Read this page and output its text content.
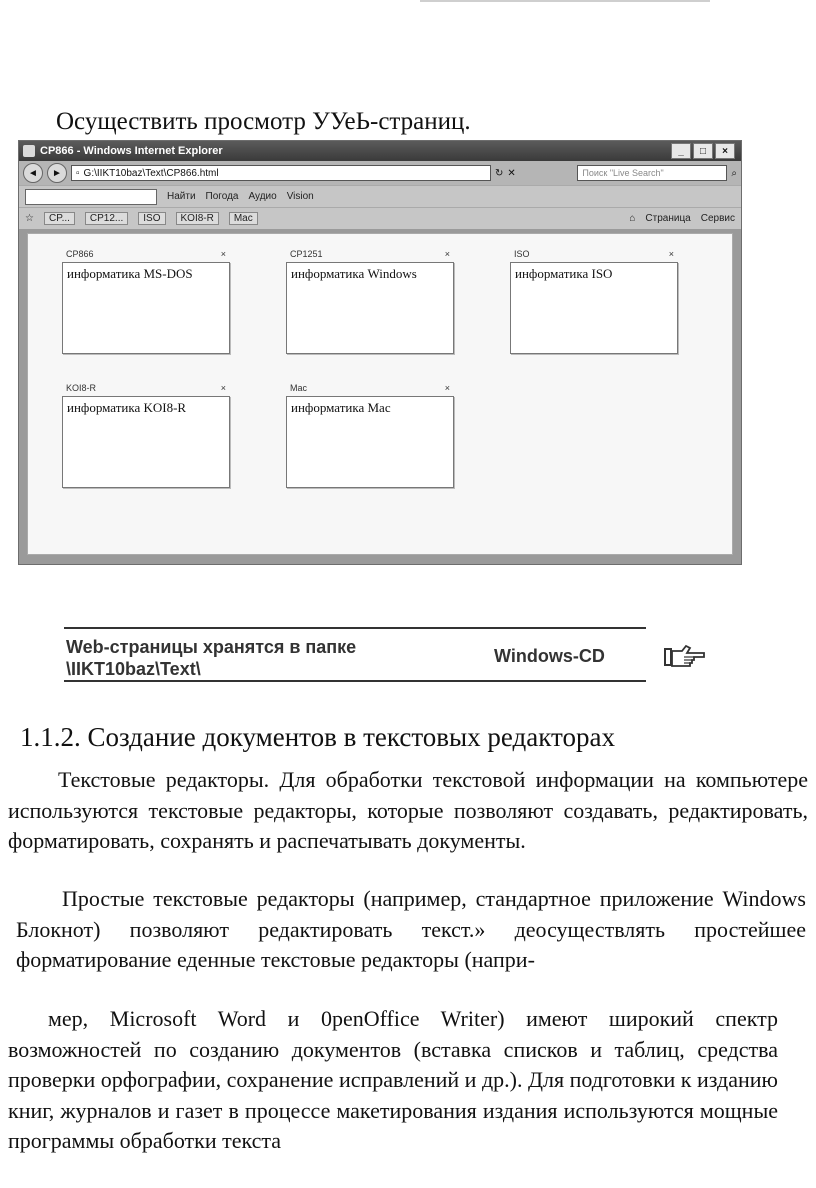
Осуществить просмотр УУеЬ-страниц.
CP866 - Windows Internet Explorer	_	□	×
◄	►	▫ G:\IIKT10baz\Text\CP866.html	↻ ✕	Поиск "Live Search"	⌕
Найти Погода Аудио Vision
☆	CP...	CP12...	ISO	KOI8-R	Mac	⌂ Страница Сервис
CP866	×
информатика MS-DOS
CP1251	×
информатика Windows
ISO	×
информатика ISO
KOI8-R	×
информатика KOI8-R
Mac	×
информатика Mac
Web-страницы хранятся в папке
\IIKT10baz\Text\
Windows-CD
1.1.2. Создание документов в текстовых редакторах

Текстовые редакторы. Для обработки текстовой информации на компьютере используются текстовые редакторы, которые позволяют создавать, редактировать, форматировать, сохранять и распечатывать документы.

Простые текстовые редакторы (например, стандартное приложение Windows Блокнот) позволяют редактировать текст.» деосуществлять простейшее форматирование еденные текстовые редакторы (напри-

мер, Microsoft Word и 0penOffice Writer) имеют широкий спектр возможностей по созданию документов (вставка списков и таблиц, средства проверки орфографии, сохранение исправлений и др.). Для подготовки к изданию книг, журналов и газет в процессе макетирования издания используются мощные программы обработки текста
